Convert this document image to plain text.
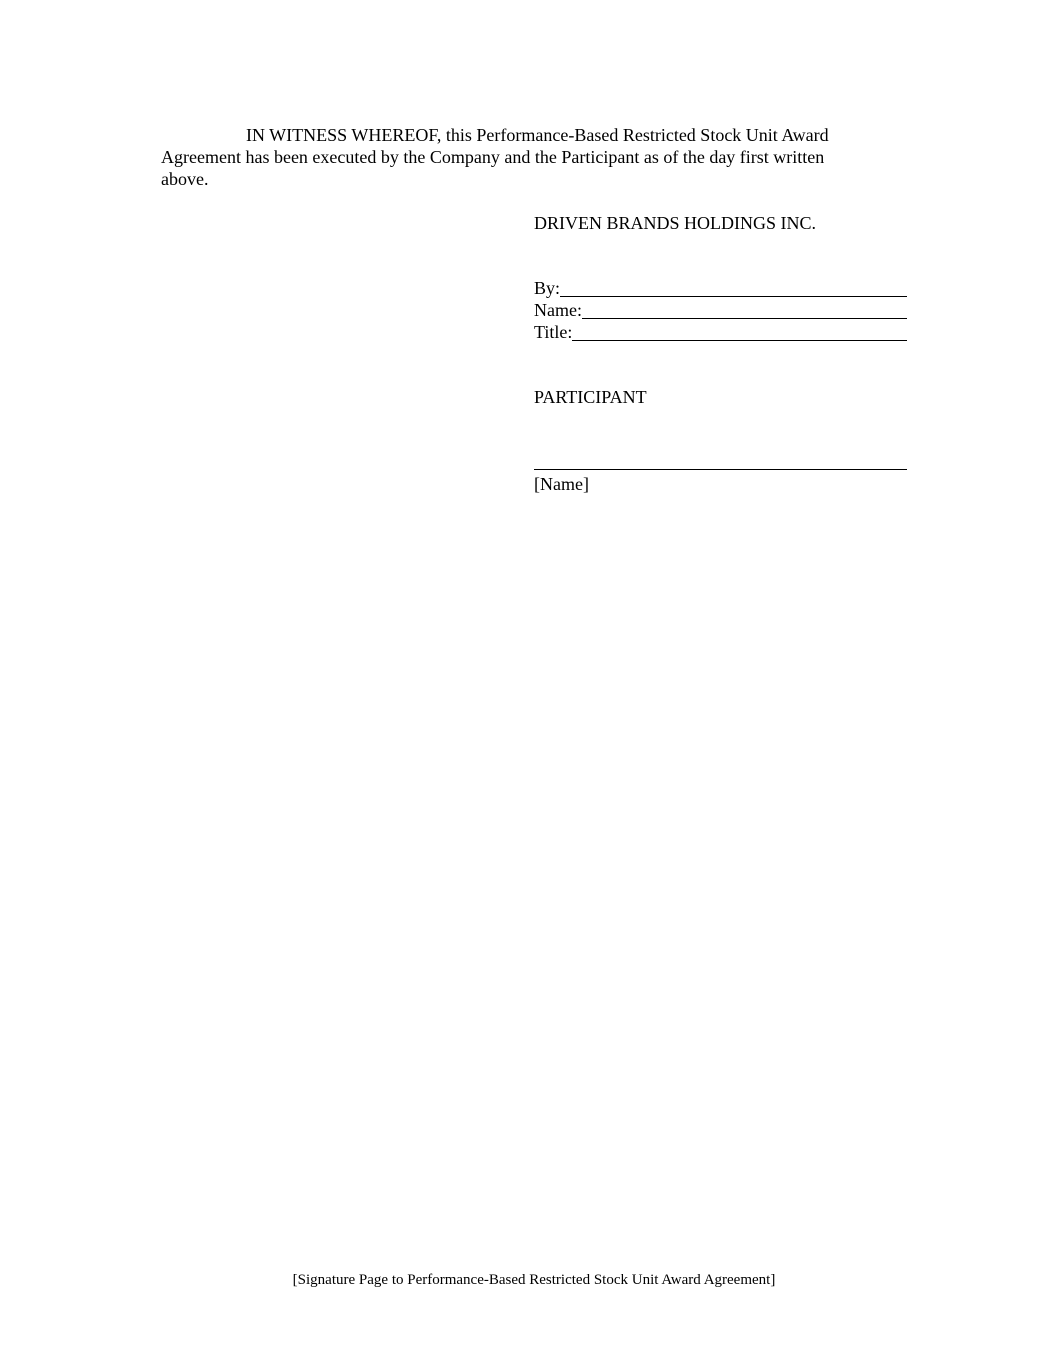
IN WITNESS WHEREOF, this Performance-Based Restricted Stock Unit Award Agreement has been executed by the Company and the Participant as of the day first written above.

DRIVEN BRANDS HOLDINGS INC.
By:
Name:
Title:
PARTICIPANT
[Name]
[Signature Page to Performance-Based Restricted Stock Unit Award Agreement]
